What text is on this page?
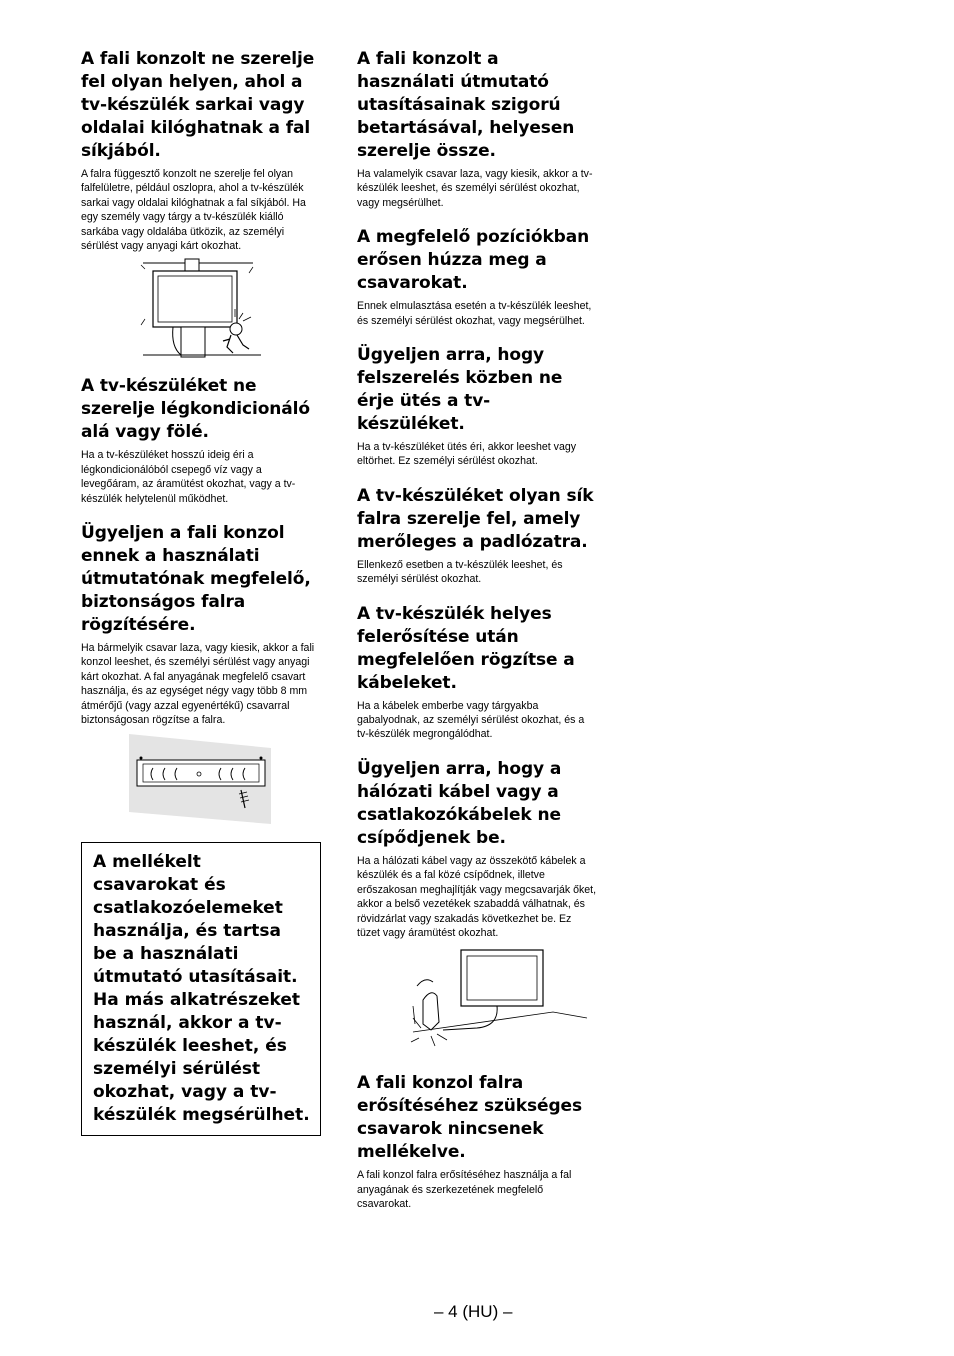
A fali konzolt ne szerelje fel olyan helyen, ahol a tv-készülék sarkai vagy oldalai kilóghatnak a fal síkjából.

A falra függesztő konzolt ne szerelje fel olyan falfelületre, például oszlopra, ahol a tv-készülék sarkai vagy oldalai kilóghatnak a fal síkjából. Ha egy személy vagy tárgy a tv-készülék kiálló sarkába vagy oldalába ütközik, az személyi sérülést vagy anyagi kárt okozhat.

A tv-készüléket ne szerelje légkondicionáló alá vagy fölé.

Ha a tv-készüléket hosszú ideig éri a légkondicionálóból csepegő víz vagy a levegőáram, az áramütést okozhat, vagy a tv-készülék helytelenül működhet.

Ügyeljen a fali konzol ennek a használati útmutatónak megfelelő, biztonságos falra rögzítésére.

Ha bármelyik csavar laza, vagy kiesik, akkor a fali konzol leeshet, és személyi sérülést vagy anyagi kárt okozhat. A fal anyagának megfelelő csavart használja, és az egységet négy vagy több 8 mm átmérőjű (vagy azzal egyenértékű) csavarral biztonságosan rögzítse a falra.

A mellékelt csavarokat és csatlakozóelemeket használja, és tartsa be a használati útmutató utasításait. Ha más alkatrészeket használ, akkor a tv-készülék leeshet, és személyi sérülést okozhat, vagy a tv-készülék megsérülhet.

A fali konzolt a használati útmutató utasításainak szigorú betartásával, helyesen szerelje össze.

Ha valamelyik csavar laza, vagy kiesik, akkor a tv-készülék leeshet, és személyi sérülést okozhat, vagy megsérülhet.

A megfelelő pozíciókban erősen húzza meg a csavarokat.

Ennek elmulasztása esetén a tv-készülék leeshet, és személyi sérülést okozhat, vagy megsérülhet.

Ügyeljen arra, hogy felszerelés közben ne érje ütés a tv-készüléket.

Ha a tv-készüléket ütés éri, akkor leeshet vagy eltörhet. Ez személyi sérülést okozhat.

A tv-készüléket olyan sík falra szerelje fel, amely merőleges a padlózatra.

Ellenkező esetben a tv-készülék leeshet, és személyi sérülést okozhat.

A tv-készülék helyes felerősítése után megfelelően rögzítse a kábeleket.

Ha a kábelek emberbe vagy tárgyakba gabalyodnak, az személyi sérülést okozhat, és a tv-készülék megrongálódhat.

Ügyeljen arra, hogy a hálózati kábel vagy a csatlakozókábelek ne csípődjenek be.

Ha a hálózati kábel vagy az összekötő kábelek a készülék és a fal közé csípődnek, illetve erőszakosan meghajlítják vagy megcsavarják őket, akkor a belső vezetékek szabaddá válhatnak, és rövidzárlat vagy szakadás következhet be. Ez tüzet vagy áramütést okozhat.

A fali konzol falra erősítéséhez szükséges csavarok nincsenek mellékelve.

A fali konzol falra erősítéséhez használja a fal anyagának és szerkezetének megfelelő csavarokat.

– 4 (HU) –
